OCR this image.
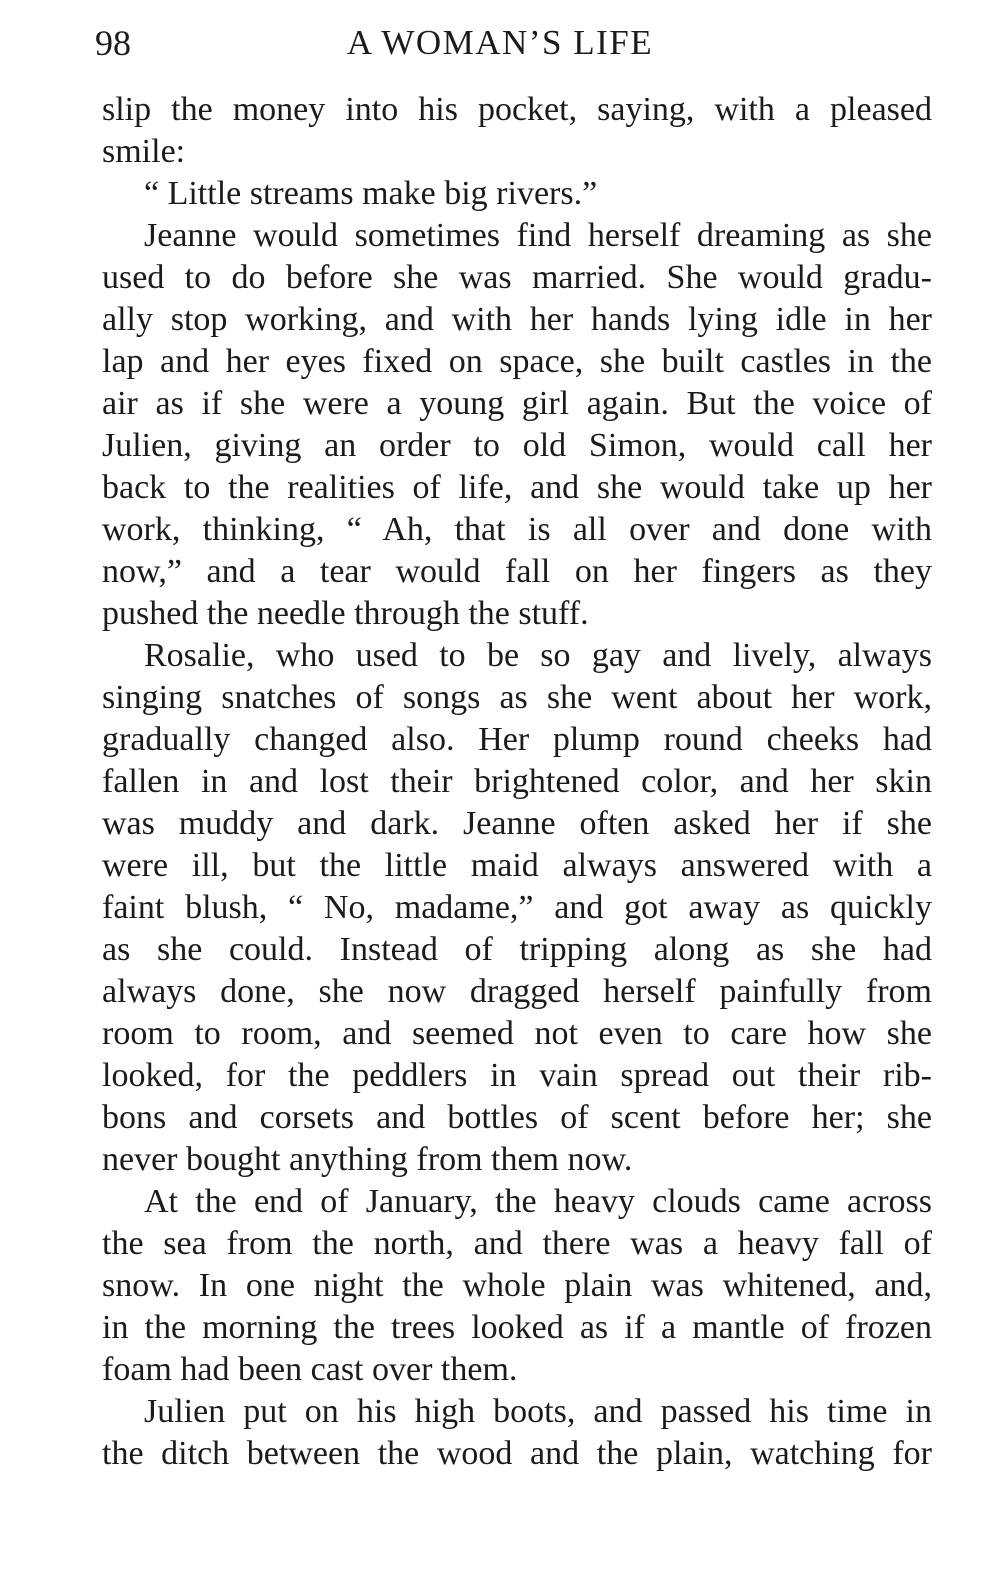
98	A WOMAN’S LIFE
slip the money into his pocket, saying, with a pleased
smile:
“ Little streams make big rivers.”
Jeanne would sometimes find herself dreaming as she
used to do before she was married. She would gradu-
ally stop working, and with her hands lying idle in her
lap and her eyes fixed on space, she built castles in the
air as if she were a young girl again. But the voice of
Julien, giving an order to old Simon, would call her
back to the realities of life, and she would take up her
work, thinking, “ Ah, that is all over and done with
now,” and a tear would fall on her fingers as they
pushed the needle through the stuff.
Rosalie, who used to be so gay and lively, always
singing snatches of songs as she went about her work,
gradually changed also. Her plump round cheeks had
fallen in and lost their brightened color, and her skin
was muddy and dark. Jeanne often asked her if she
were ill, but the little maid always answered with a
faint blush, “ No, madame,” and got away as quickly
as she could. Instead of tripping along as she had
always done, she now dragged herself painfully from
room to room, and seemed not even to care how she
looked, for the peddlers in vain spread out their rib-
bons and corsets and bottles of scent before her; she
never bought anything from them now.
At the end of January, the heavy clouds came across
the sea from the north, and there was a heavy fall of
snow. In one night the whole plain was whitened, and,
in the morning the trees looked as if a mantle of frozen
foam had been cast over them.
Julien put on his high boots, and passed his time in
the ditch between the wood and the plain, watching for
